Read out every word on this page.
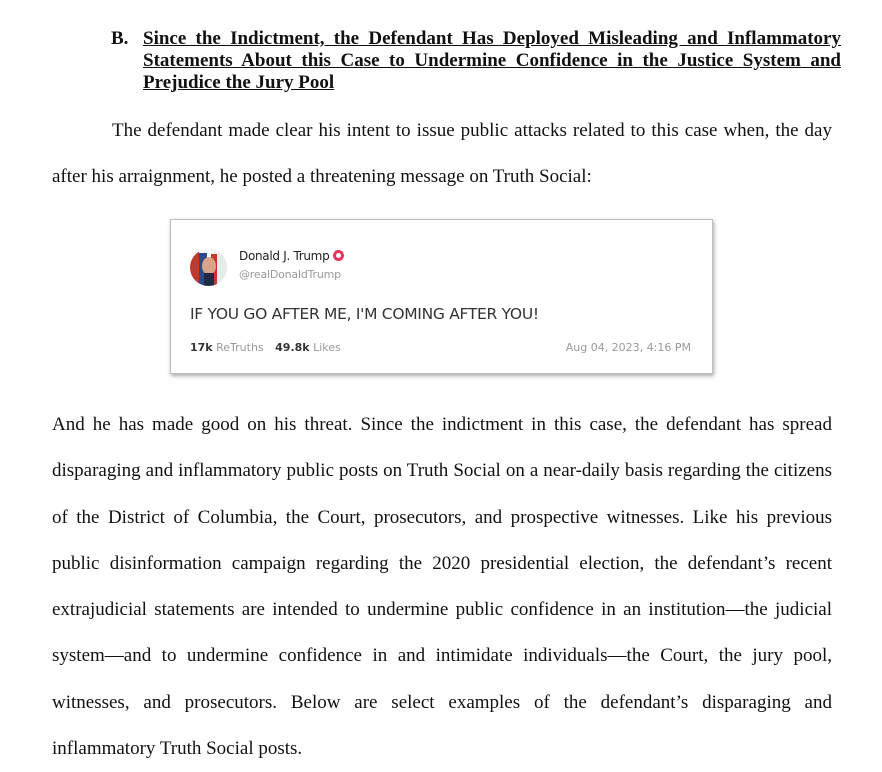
B. Since the Indictment, the Defendant Has Deployed Misleading and Inflammatory Statements About this Case to Undermine Confidence in the Justice System and Prejudice the Jury Pool
The defendant made clear his intent to issue public attacks related to this case when, the day after his arraignment, he posted a threatening message on Truth Social:
Donald J. Trump
@realDonaldTrump
IF YOU GO AFTER ME, I'M COMING AFTER YOU!
17k ReTruths 49.8k Likes	Aug 04, 2023, 4:16 PM
And he has made good on his threat. Since the indictment in this case, the defendant has spread disparaging and inflammatory public posts on Truth Social on a near-daily basis regarding the citizens of the District of Columbia, the Court, prosecutors, and prospective witnesses. Like his previous public disinformation campaign regarding the 2020 presidential election, the defendant’s recent extrajudicial statements are intended to undermine public confidence in an institution—the judicial system—and to undermine confidence in and intimidate individuals—the Court, the jury pool, witnesses, and prosecutors. Below are select examples of the defendant’s disparaging and inflammatory Truth Social posts.
